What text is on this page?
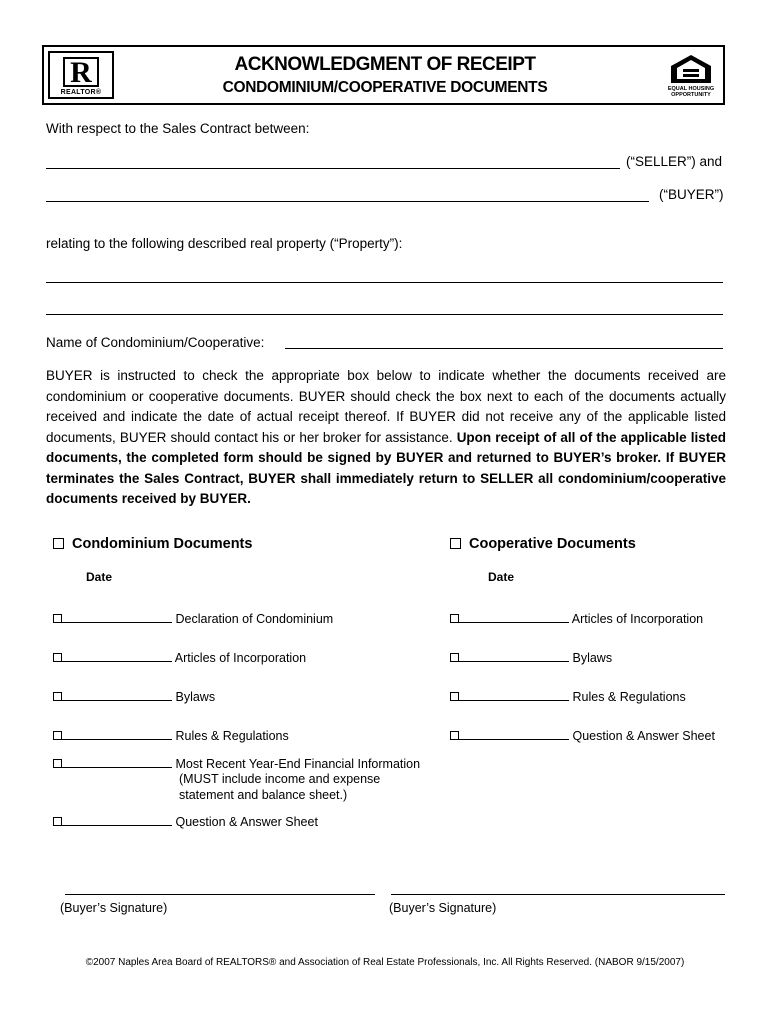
R
REALTOR®
ACKNOWLEDGMENT OF RECEIPT
CONDOMINIUM/COOPERATIVE DOCUMENTS	EQUAL HOUSING OPPORTUNITY
With respect to the Sales Contract between:
(“SELLER”) and
(“BUYER”)
relating to the following described real property (“Property”):
Name of Condominium/Cooperative:
BUYER is instructed to check the appropriate box below to indicate whether the documents received are condominium or cooperative documents. BUYER should check the box next to each of the documents actually received and indicate the date of actual receipt thereof. If BUYER did not receive any of the applicable listed documents, BUYER should contact his or her broker for assistance. Upon receipt of all of the applicable listed documents, the completed form should be signed by BUYER and returned to BUYER’s broker. If BUYER terminates the Sales Contract, BUYER shall immediately return to SELLER all condominium/cooperative documents received by BUYER.
Condominium Documents
Date
Declaration of Condominium
Articles of Incorporation
Bylaws
Rules & Regulations
Most Recent Year-End Financial Information
(MUST include income and expense
statement and balance sheet.)
Question & Answer Sheet
Cooperative Documents
Date
Articles of Incorporation
Bylaws
Rules & Regulations
Question & Answer Sheet
(Buyer’s Signature)	(Buyer’s Signature)
©2007 Naples Area Board of REALTORS® and Association of Real Estate Professionals, Inc. All Rights Reserved. (NABOR 9/15/2007)
